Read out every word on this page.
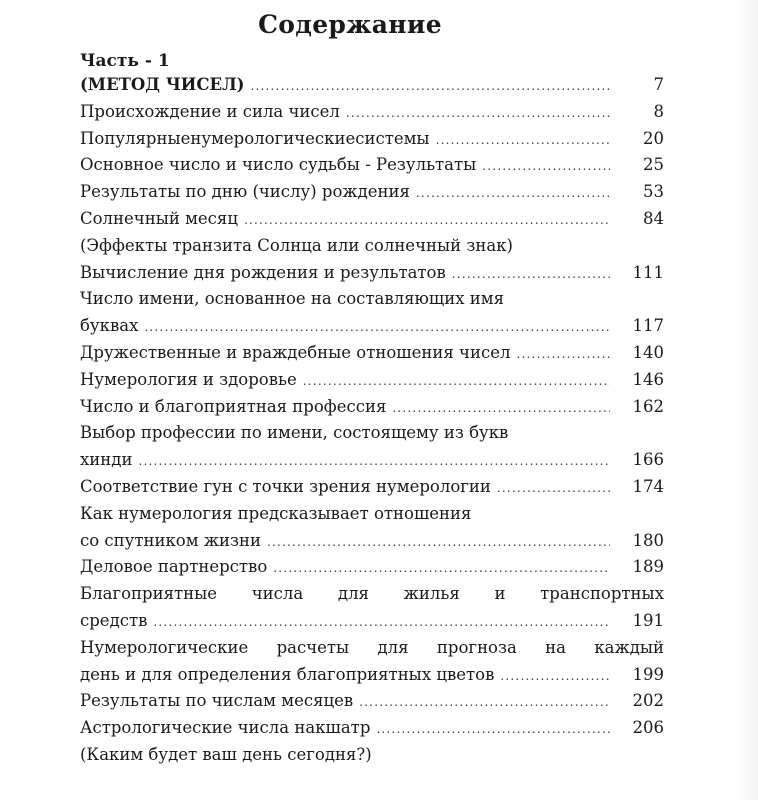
Содержание
Часть - 1
(МЕТОД ЧИСЕЛ) .....	7
Происхождение и сила чисел .....	8
Популярныенумерологическиесистемы .....	20
Основное число и число судьбы - Результаты .....	25
Результаты по дню (числу) рождения .....	53
Солнечный месяц .....	84
(Эффекты транзита Солнца или солнечный знак)
Вычисление дня рождения и результатов .....	111
Число имени, основанное на составляющих имя
буквах .....	117
Дружественные и враждебные отношения чисел .....	140
Нумерология и здоровье .....	146
Число и благоприятная профессия .....	162
Выбор профессии по имени, состоящему из букв
хинди .....	166
Соответствие гун с точки зрения нумерологии .....	174
Как нумерология предсказывает отношения
со спутником жизни .....	180
Деловое партнерство .....	189
Благоприятные числа для жилья и транспортных
средств .....	191
Нумерологические расчеты для прогноза на каждый
день и для определения благоприятных цветов .....	199
Результаты по числам месяцев .....	202
Астрологические числа накшатр .....	206
(Каким будет ваш день сегодня?)
